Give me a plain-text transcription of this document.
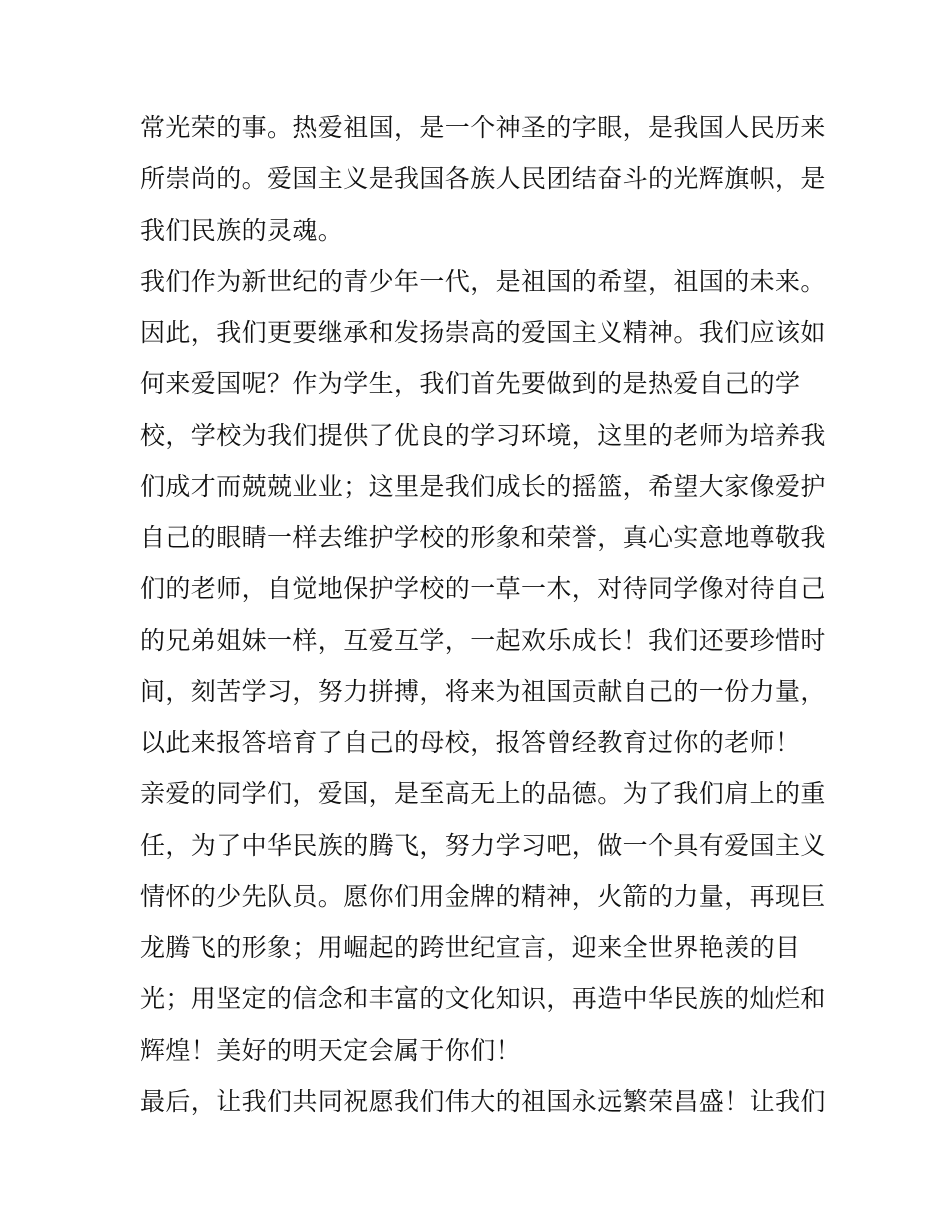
常光荣的事。热爱祖国，是一个神圣的字眼，是我国人民历来
所崇尚的。爱国主义是我国各族人民团结奋斗的光辉旗帜，是
我们民族的灵魂。
我们作为新世纪的青少年一代，是祖国的希望，祖国的未来。
因此，我们更要继承和发扬崇高的爱国主义精神。我们应该如
何来爱国呢？作为学生，我们首先要做到的是热爱自己的学
校，学校为我们提供了优良的学习环境，这里的老师为培养我
们成才而兢兢业业；这里是我们成长的摇篮，希望大家像爱护
自己的眼睛一样去维护学校的形象和荣誉，真心实意地尊敬我
们的老师，自觉地保护学校的一草一木，对待同学像对待自己
的兄弟姐妹一样，互爱互学，一起欢乐成长！我们还要珍惜时
间，刻苦学习，努力拼搏，将来为祖国贡献自己的一份力量，
以此来报答培育了自己的母校，报答曾经教育过你的老师！
亲爱的同学们，爱国，是至高无上的品德。为了我们肩上的重
任，为了中华民族的腾飞，努力学习吧，做一个具有爱国主义
情怀的少先队员。愿你们用金牌的精神，火箭的力量，再现巨
龙腾飞的形象；用崛起的跨世纪宣言，迎来全世界艳羡的目
光；用坚定的信念和丰富的文化知识，再造中华民族的灿烂和
辉煌！美好的明天定会属于你们！
最后，让我们共同祝愿我们伟大的祖国永远繁荣昌盛！让我们
